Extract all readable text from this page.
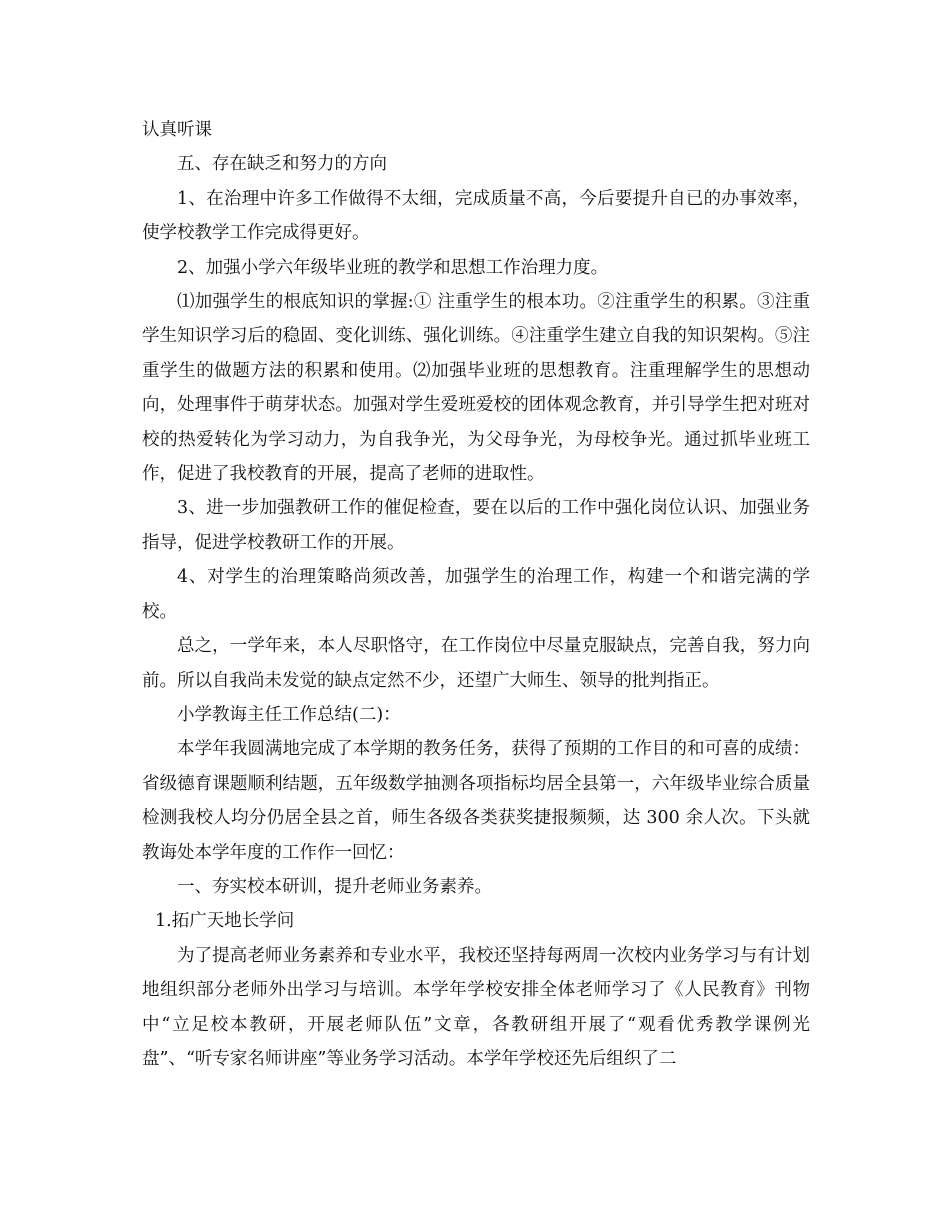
认真听课

五、存在缺乏和努力的方向

1、在治理中许多工作做得不太细，完成质量不高，今后要提升自已的办事效率，使学校教学工作完成得更好。

2、加强小学六年级毕业班的教学和思想工作治理力度。

⑴加强学生的根底知识的掌握:① 注重学生的根本功。②注重学生的积累。③注重学生知识学习后的稳固、变化训练、强化训练。④注重学生建立自我的知识架构。⑤注重学生的做题方法的积累和使用。⑵加强毕业班的思想教育。注重理解学生的思想动向，处理事件于萌芽状态。加强对学生爱班爱校的团体观念教育，并引导学生把对班对校的热爱转化为学习动力，为自我争光，为父母争光，为母校争光。通过抓毕业班工作，促进了我校教育的开展，提高了老师的进取性。

3、进一步加强教研工作的催促检查，要在以后的工作中强化岗位认识、加强业务指导，促进学校教研工作的开展。

4、对学生的治理策略尚须改善，加强学生的治理工作，构建一个和谐完满的学校。

总之，一学年来，本人尽职恪守，在工作岗位中尽量克服缺点，完善自我，努力向前。所以自我尚未发觉的缺点定然不少，还望广大师生、领导的批判指正。

小学教诲主任工作总结(二)：

本学年我圆满地完成了本学期的教务任务，获得了预期的工作目的和可喜的成绩：省级德育课题顺利结题，五年级数学抽测各项指标均居全县第一，六年级毕业综合质量检测我校人均分仍居全县之首，师生各级各类获奖捷报频频，达 300 余人次。下头就教诲处本学年度的工作作一回忆：

一、夯实校本研训，提升老师业务素养。

1.拓广天地长学问

为了提高老师业务素养和专业水平，我校还坚持每两周一次校内业务学习与有计划地组织部分老师外出学习与培训。本学年学校安排全体老师学习了《人民教育》刊物中“立足校本教研，开展老师队伍”文章，各教研组开展了“观看优秀教学课例光盘”、“听专家名师讲座”等业务学习活动。本学年学校还先后组织了二
